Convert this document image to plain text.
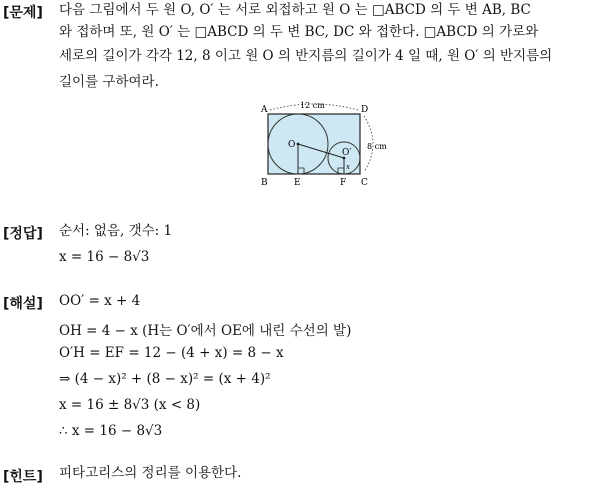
[문제] 다음 그림에서 두 원 O, O′ 는 서로 외접하고 원 O 는 □ABCD 의 두 변 AB, BC
와 접하며 또, 원 O′ 는 □ABCD 의 두 변 BC, DC 와 접한다. □ABCD 의 가로와
세로의 길이가 각각 12, 8 이고 원 O 의 반지름의 길이가 4 일 때, 원 O′ 의 반지름의
길이를 구하여라.
A
B	C
D
E	F
O
O′
x
12 cm
8 cm
[정답] 순서: 없음, 갯수: 1
x = 16 − 8√3
[해설] OO′ = x + 4
OH = 4 − x (H는 O′에서 OE에 내린 수선의 발)
O′H = EF = 12 − (4 + x) = 8 − x
⇒ (4 − x)² + (8 − x)² = (x + 4)²
x = 16 ± 8√3 (x < 8)
∴ x = 16 − 8√3
[힌트] 피타고리스의 정리를 이용한다.
